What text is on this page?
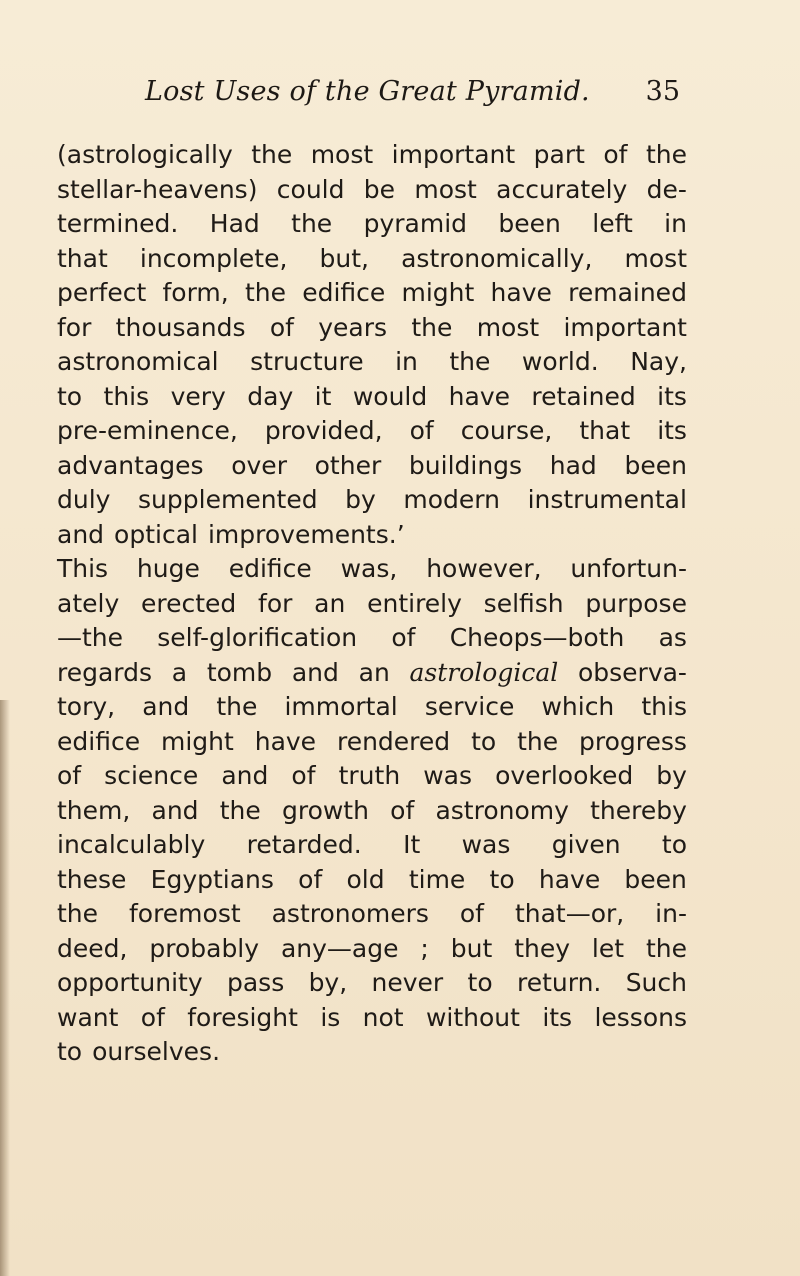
Lost Uses of the Great Pyramid. 35
(astrologically the most important part of the
stellar-heavens) could be most accurately de-
termined. Had the pyramid been left in
that incomplete, but, astronomically, most
perfect form, the edifice might have remained
for thousands of years the most important
astronomical structure in the world. Nay,
to this very day it would have retained its
pre-eminence, provided, of course, that its
advantages over other buildings had been
duly supplemented by modern instrumental
and optical improvements.’
This huge edifice was, however, unfortun-
ately erected for an entirely selfish purpose
—the self-glorification of Cheops—both as
regards a tomb and an astrological observa-
tory, and the immortal service which this
edifice might have rendered to the progress
of science and of truth was overlooked by
them, and the growth of astronomy thereby
incalculably retarded. It was given to
these Egyptians of old time to have been
the foremost astronomers of that—or, in-
deed, probably any—age ; but they let the
opportunity pass by, never to return. Such
want of foresight is not without its lessons
to ourselves.
